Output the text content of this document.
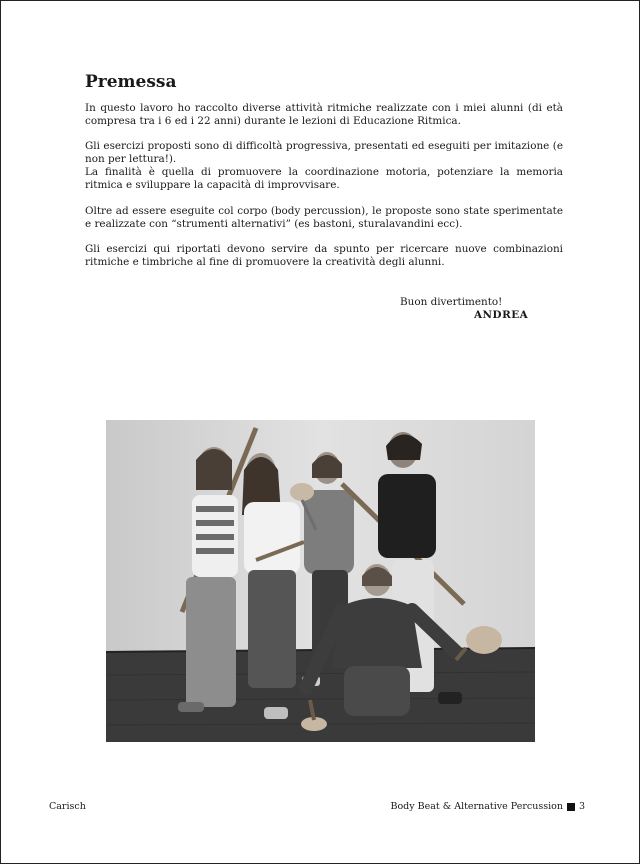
Premessa

In questo lavoro ho raccolto diverse attività ritmiche realizzate con i miei alunni (di età compresa tra i 6 ed i 22 anni) durante le lezioni di Educazione Ritmica.

Gli esercizi proposti sono di difficoltà progressiva, presentati ed eseguiti per imitazione (e non per lettura!).

La finalità è quella di promuovere la coordinazione motoria, potenziare la memoria ritmica e sviluppare la capacità di improvvisare.

Oltre ad essere eseguite col corpo (body percussion), le proposte sono state sperimentate e realizzate con “strumenti alternativi” (es bastoni, sturalavandini ecc).

Gli esercizi qui riportati devono servire da spunto per ricercare nuove combinazioni ritmiche e timbriche al fine di promuovere la creatività degli alunni.

Buon divertimento!
ANDREA
Carisch	Body Beat & Alternative Percussion 3
